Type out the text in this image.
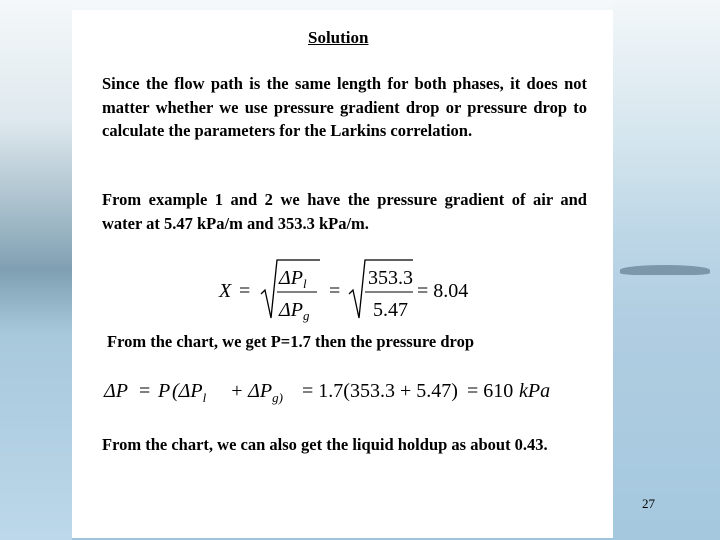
Solution

Since the flow path is the same length for both phases, it does not matter whether we use pressure gradient drop or pressure drop to calculate the parameters for the Larkins correlation.

From example 1 and 2 we have the pressure gradient of air and water at 5.47 kPa/m and 353.3 kPa/m.

X =
$\Delta P_l$
$\Delta P_g$
=
353.3
5.47
= 8.04

From the chart, we get P=1.7 then the pressure drop

ΔP = P ($\Delta P_l + \Delta P_{g)} = 1.7(353.3 + 5.47) = 610$ kPa

From the chart, we can also get the liquid holdup as about 0.43.

27
